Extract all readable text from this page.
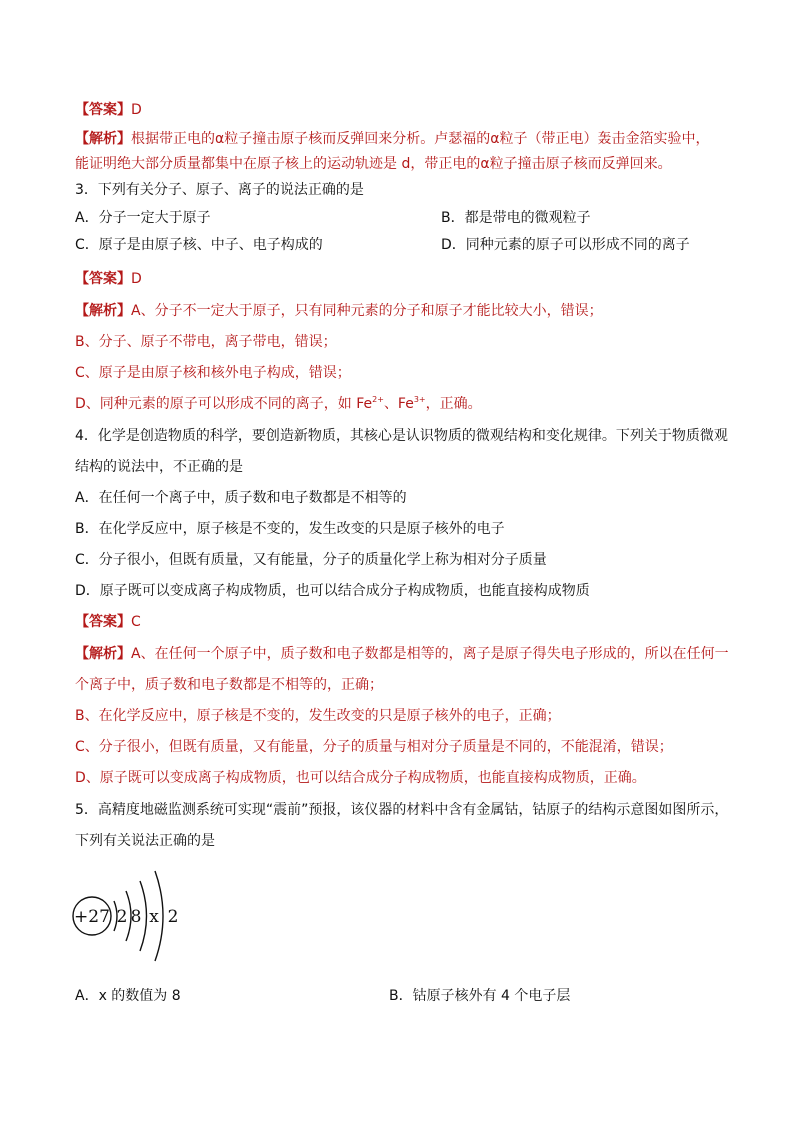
【答案】D
【解析】根据带正电的α粒子撞击原子核而反弹回来分析。卢瑟福的α粒子（带正电）轰击金箔实验中，
能证明绝大部分质量都集中在原子核上的运动轨迹是 d，带正电的α粒子撞击原子核而反弹回来。
3．下列有关分子、原子、离子的说法正确的是
A．分子一定大于原子	B．都是带电的微观粒子
C．原子是由原子核、中子、电子构成的	D．同种元素的原子可以形成不同的离子
【答案】D
【解析】A、分子不一定大于原子，只有同种元素的分子和原子才能比较大小，错误；
B、分子、原子不带电，离子带电，错误；
C、原子是由原子核和核外电子构成，错误；
D、同种元素的原子可以形成不同的离子，如 $Fe^{2+}$、$Fe^{3+}$，正确。
4．化学是创造物质的科学，要创造新物质，其核心是认识物质的微观结构和变化规律。下列关于物质微观
结构的说法中，不正确的是
A．在任何一个离子中，质子数和电子数都是不相等的
B．在化学反应中，原子核是不变的，发生改变的只是原子核外的电子
C．分子很小，但既有质量，又有能量，分子的质量化学上称为相对分子质量
D．原子既可以变成离子构成物质，也可以结合成分子构成物质，也能直接构成物质
【答案】C
【解析】A、在任何一个原子中，质子数和电子数都是相等的，离子是原子得失电子形成的，所以在任何一
个离子中，质子数和电子数都是不相等的，正确；
B、在化学反应中，原子核是不变的，发生改变的只是原子核外的电子，正确；
C、分子很小，但既有质量，又有能量，分子的质量与相对分子质量是不同的，不能混淆，错误；
D、原子既可以变成离子构成物质，也可以结合成分子构成物质，也能直接构成物质，正确。
5．高精度地磁监测系统可实现“震前”预报，该仪器的材料中含有金属钴，钴原子的结构示意图如图所示，
下列有关说法正确的是
+27 2 8 x 2
A．x 的数值为 8	B．钴原子核外有 4 个电子层
